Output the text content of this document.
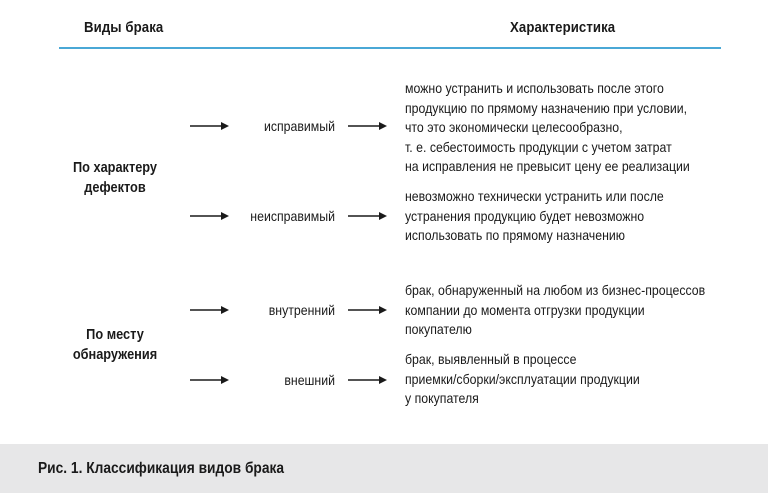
Виды брака	Характеристика
По характеру
дефектов
исправимый
можно устранить и использовать после этого
продукцию по прямому назначению при условии,
что это экономически целесообразно,
т. е. себестоимость продукции с учетом затрат
на исправления не превысит цену ее реализации
неисправимый
невозможно технически устранить или после
устранения продукцию будет невозможно
использовать по прямому назначению
По месту
обнаружения
внутренний
брак, обнаруженный на любом из бизнес-процессов
компании до момента отгрузки продукции
покупателю
внешний
брак, выявленный в процессе
приемки/сборки/эксплуатации продукции
у покупателя
Рис. 1. Классификация видов брака
